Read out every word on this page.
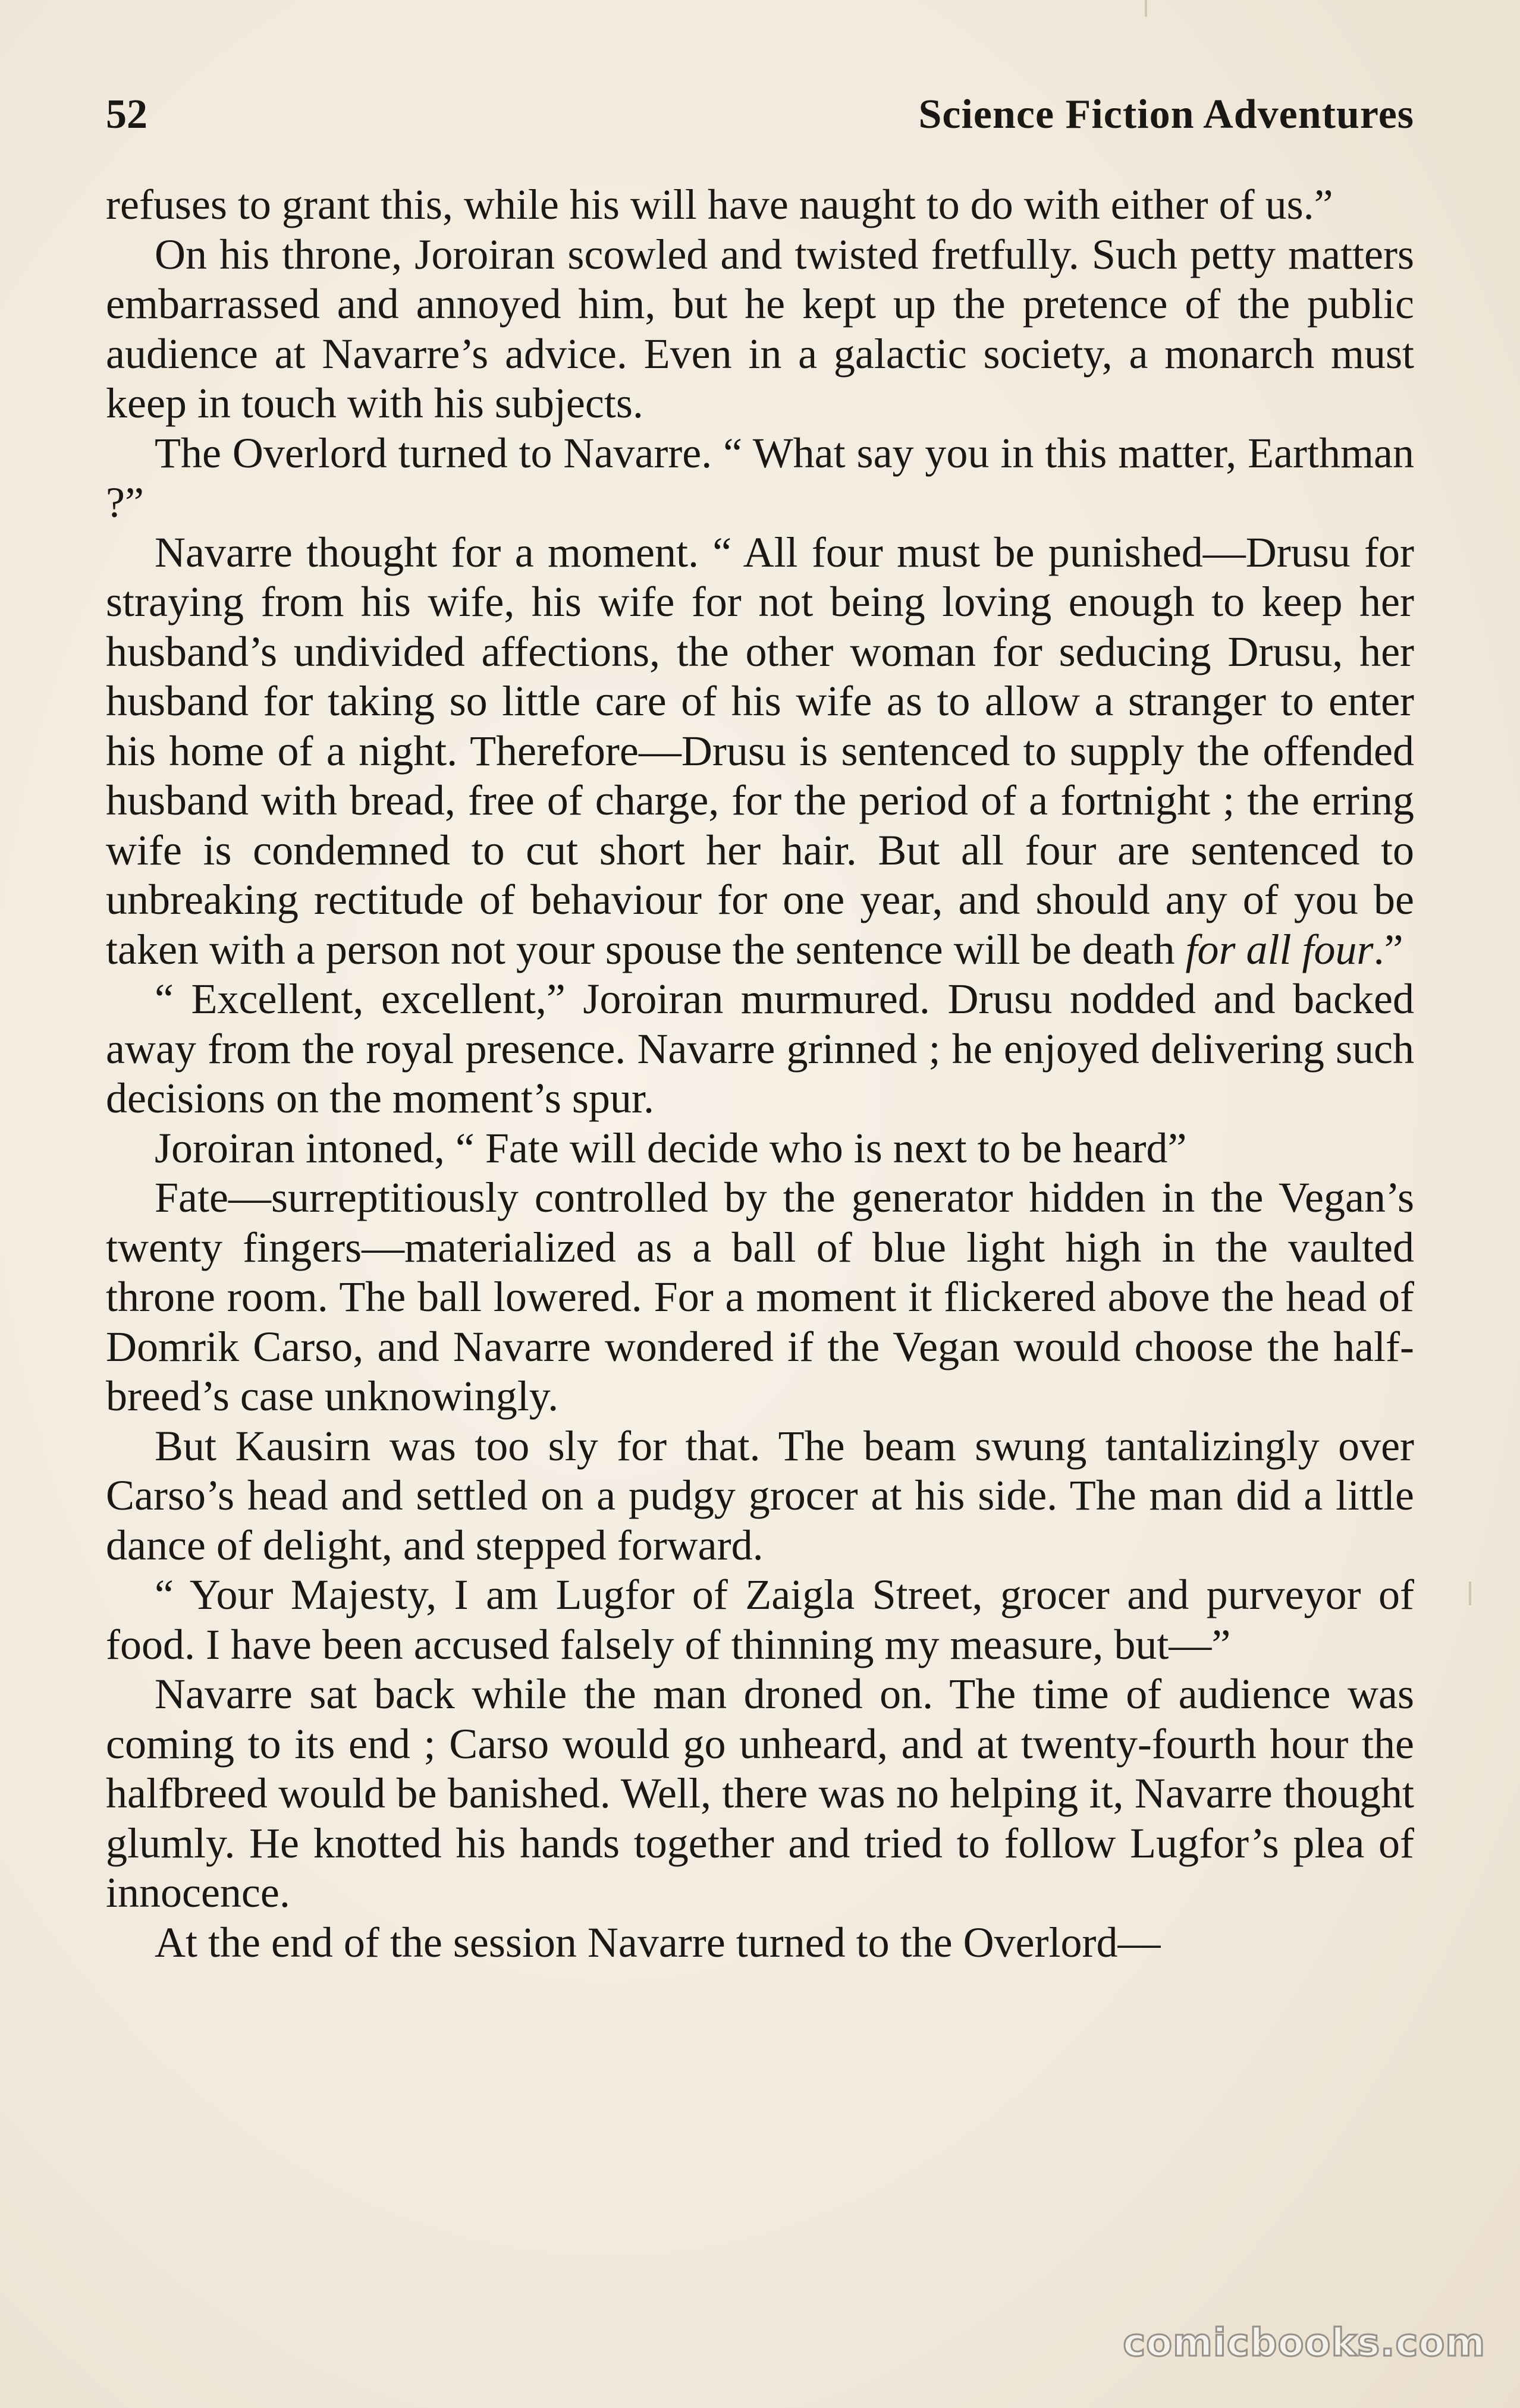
52	Science Fiction Adventures

refuses to grant this, while his will have naught to do with either of us.”

On his throne, Joroiran scowled and twisted fretfully. Such petty matters embarrassed and annoyed him, but he kept up the pretence of the public audience at Navarre’s advice. Even in a galactic society, a monarch must keep in touch with his subjects.

The Overlord turned to Navarre. “ What say you in this matter, Earthman ?”

Navarre thought for a moment. “ All four must be punished—Drusu for straying from his wife, his wife for not being loving enough to keep her husband’s undivided affections, the other woman for seducing Drusu, her husband for taking so little care of his wife as to allow a stranger to enter his home of a night. Therefore—Drusu is sentenced to supply the offended husband with bread, free of charge, for the period of a fortnight ; the erring wife is condemned to cut short her hair. But all four are sentenced to unbreaking rectitude of behaviour for one year, and should any of you be taken with a person not your spouse the sentence will be death for all four.”

“ Excellent, excellent,” Joroiran murmured. Drusu nodded and backed away from the royal presence. Navarre grinned ; he enjoyed delivering such decisions on the moment’s spur.

Joroiran intoned, “ Fate will decide who is next to be heard”

Fate—surreptitiously controlled by the generator hidden in the Vegan’s twenty fingers—materialized as a ball of blue light high in the vaulted throne room. The ball lowered. For a moment it flickered above the head of Domrik Carso, and Navarre wondered if the Vegan would choose the half-breed’s case unknowingly.

But Kausirn was too sly for that. The beam swung tantalizingly over Carso’s head and settled on a pudgy grocer at his side. The man did a little dance of delight, and stepped forward.

“ Your Majesty, I am Lugfor of Zaigla Street, grocer and purveyor of food. I have been accused falsely of thinning my measure, but—”

Navarre sat back while the man droned on. The time of audience was coming to its end ; Carso would go unheard, and at twenty-fourth hour the halfbreed would be banished. Well, there was no helping it, Navarre thought glumly. He knotted his hands together and tried to follow Lugfor’s plea of innocence.

At the end of the session Navarre turned to the Overlord—

comicbooks.com
